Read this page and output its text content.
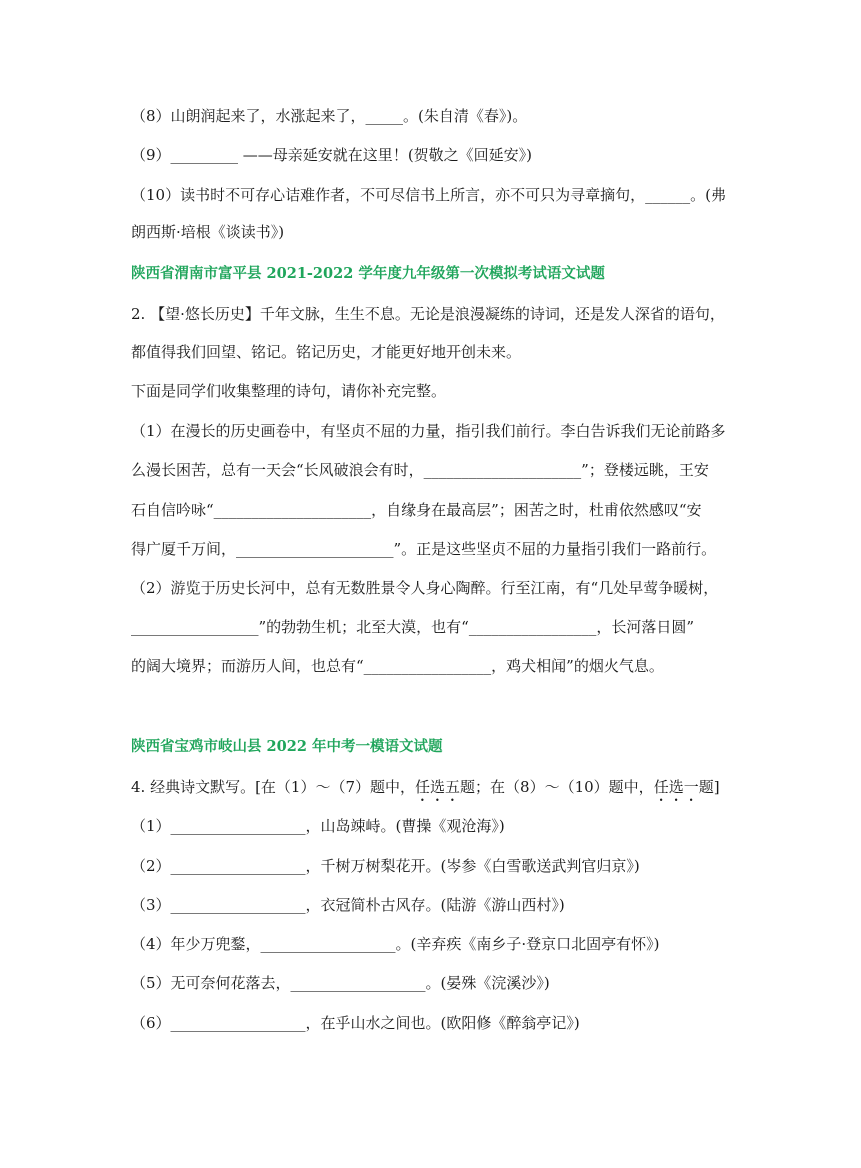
（8）山朗润起来了，水涨起来了，_____。(朱自清《春》)。
（9）_________ ——母亲延安就在这里！(贺敬之《回延安》)
（10）读书时不可存心诘难作者，不可尽信书上所言，亦不可只为寻章摘句，______。(弗
朗西斯·培根《谈读书》)
陕西省渭南市富平县 2021-2022 学年度九年级第一次模拟考试语文试题
2. 【望·悠长历史】千年文脉，生生不息。无论是浪漫凝练的诗词，还是发人深省的语句，
都值得我们回望、铭记。铭记历史，才能更好地开创未来。
下面是同学们收集整理的诗句，请你补充完整。
（1）在漫长的历史画卷中，有坚贞不屈的力量，指引我们前行。李白告诉我们无论前路多
么漫长困苦，总有一天会“长风破浪会有时，_____________________”；登楼远眺，王安
石自信吟咏“_____________________，自缘身在最高层”；困苦之时，杜甫依然感叹“安
得广厦千万间，_____________________”。正是这些坚贞不屈的力量指引我们一路前行。
（2）游览于历史长河中，总有无数胜景令人身心陶醉。行至江南，有“几处早莺争暖树，
_________________”的勃勃生机；北至大漠，也有“_________________，长河落日圆”
的阔大境界；而游历人间，也总有“_________________，鸡犬相闻”的烟火气息。
陕西省宝鸡市岐山县 2022 年中考一模语文试题
4. 经典诗文默写。[在（1）～（7）题中，任选五题；在（8）～（10）题中，任选一题]
（1）__________________，山岛竦峙。(曹操《观沧海》)
（2）__________________，千树万树梨花开。(岑参《白雪歌送武判官归京》)
（3）__________________，衣冠简朴古风存。(陆游《游山西村》)
（4）年少万兜鍪，__________________。(辛弃疾《南乡子·登京口北固亭有怀》)
（5）无可奈何花落去，__________________。(晏殊《浣溪沙》)
（6）__________________，在乎山水之间也。(欧阳修《醉翁亭记》)
